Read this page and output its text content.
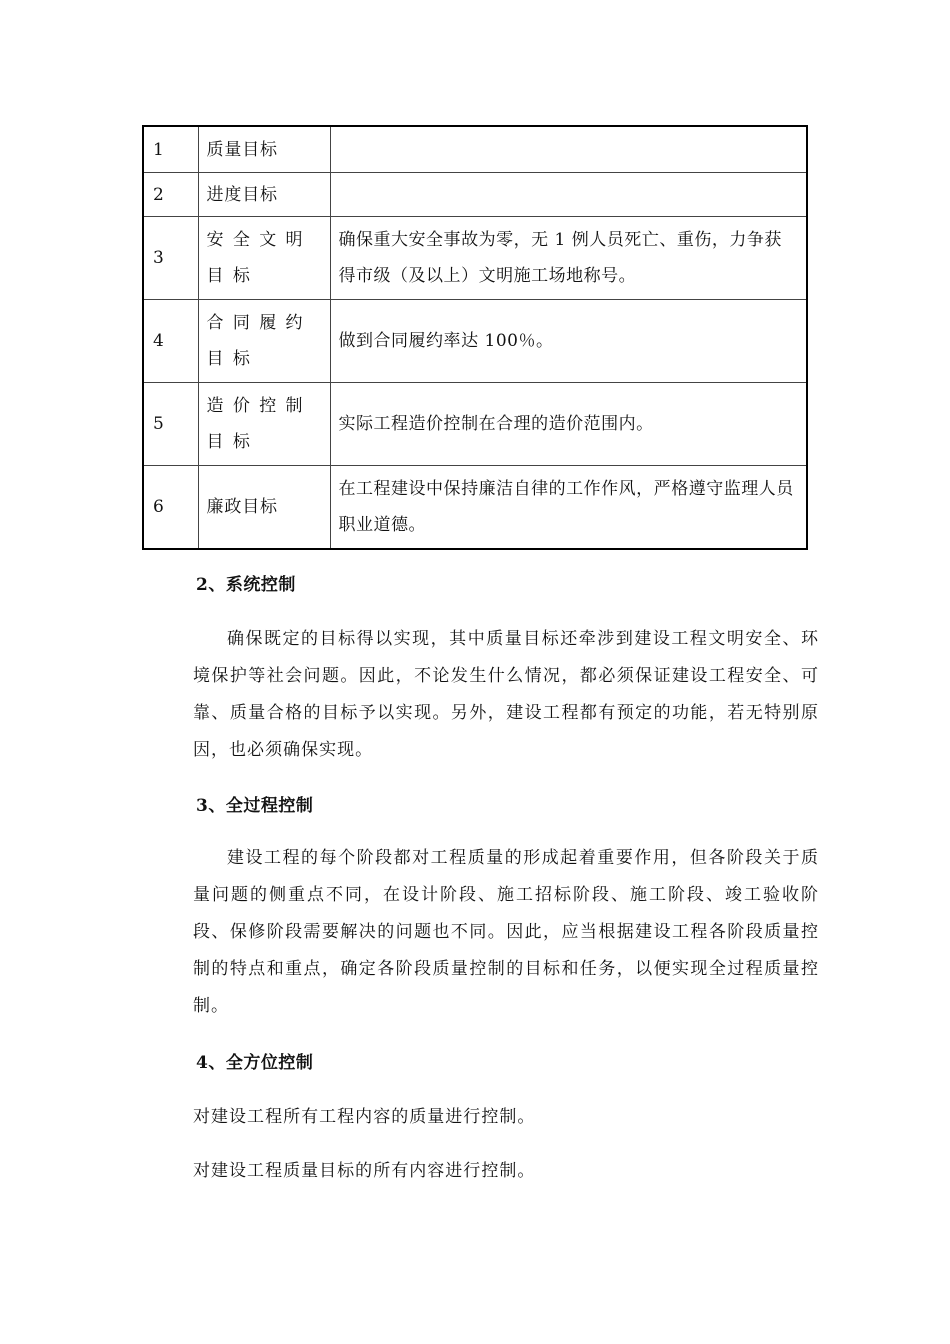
1	质量目标	
2	进度目标	
3	安全文明目标	确保重大安全事故为零，无 1 例人员死亡、重伤，力争获得市级（及以上）文明施工场地称号。
4	合同履约目标	做到合同履约率达 100％。
5	造价控制目标	实际工程造价控制在合理的造价范围内。
6	廉政目标	在工程建设中保持廉洁自律的工作作风，严格遵守监理人员职业道德。
2、系统控制

确保既定的目标得以实现，其中质量目标还牵涉到建设工程文明安全、环境保护等社会问题。因此，不论发生什么情况，都必须保证建设工程安全、可靠、质量合格的目标予以实现。另外，建设工程都有预定的功能，若无特别原因，也必须确保实现。

3、全过程控制

建设工程的每个阶段都对工程质量的形成起着重要作用，但各阶段关于质量问题的侧重点不同，在设计阶段、施工招标阶段、施工阶段、竣工验收阶段、保修阶段需要解决的问题也不同。因此，应当根据建设工程各阶段质量控制的特点和重点，确定各阶段质量控制的目标和任务，以便实现全过程质量控制。

4、全方位控制

对建设工程所有工程内容的质量进行控制。

对建设工程质量目标的所有内容进行控制。
